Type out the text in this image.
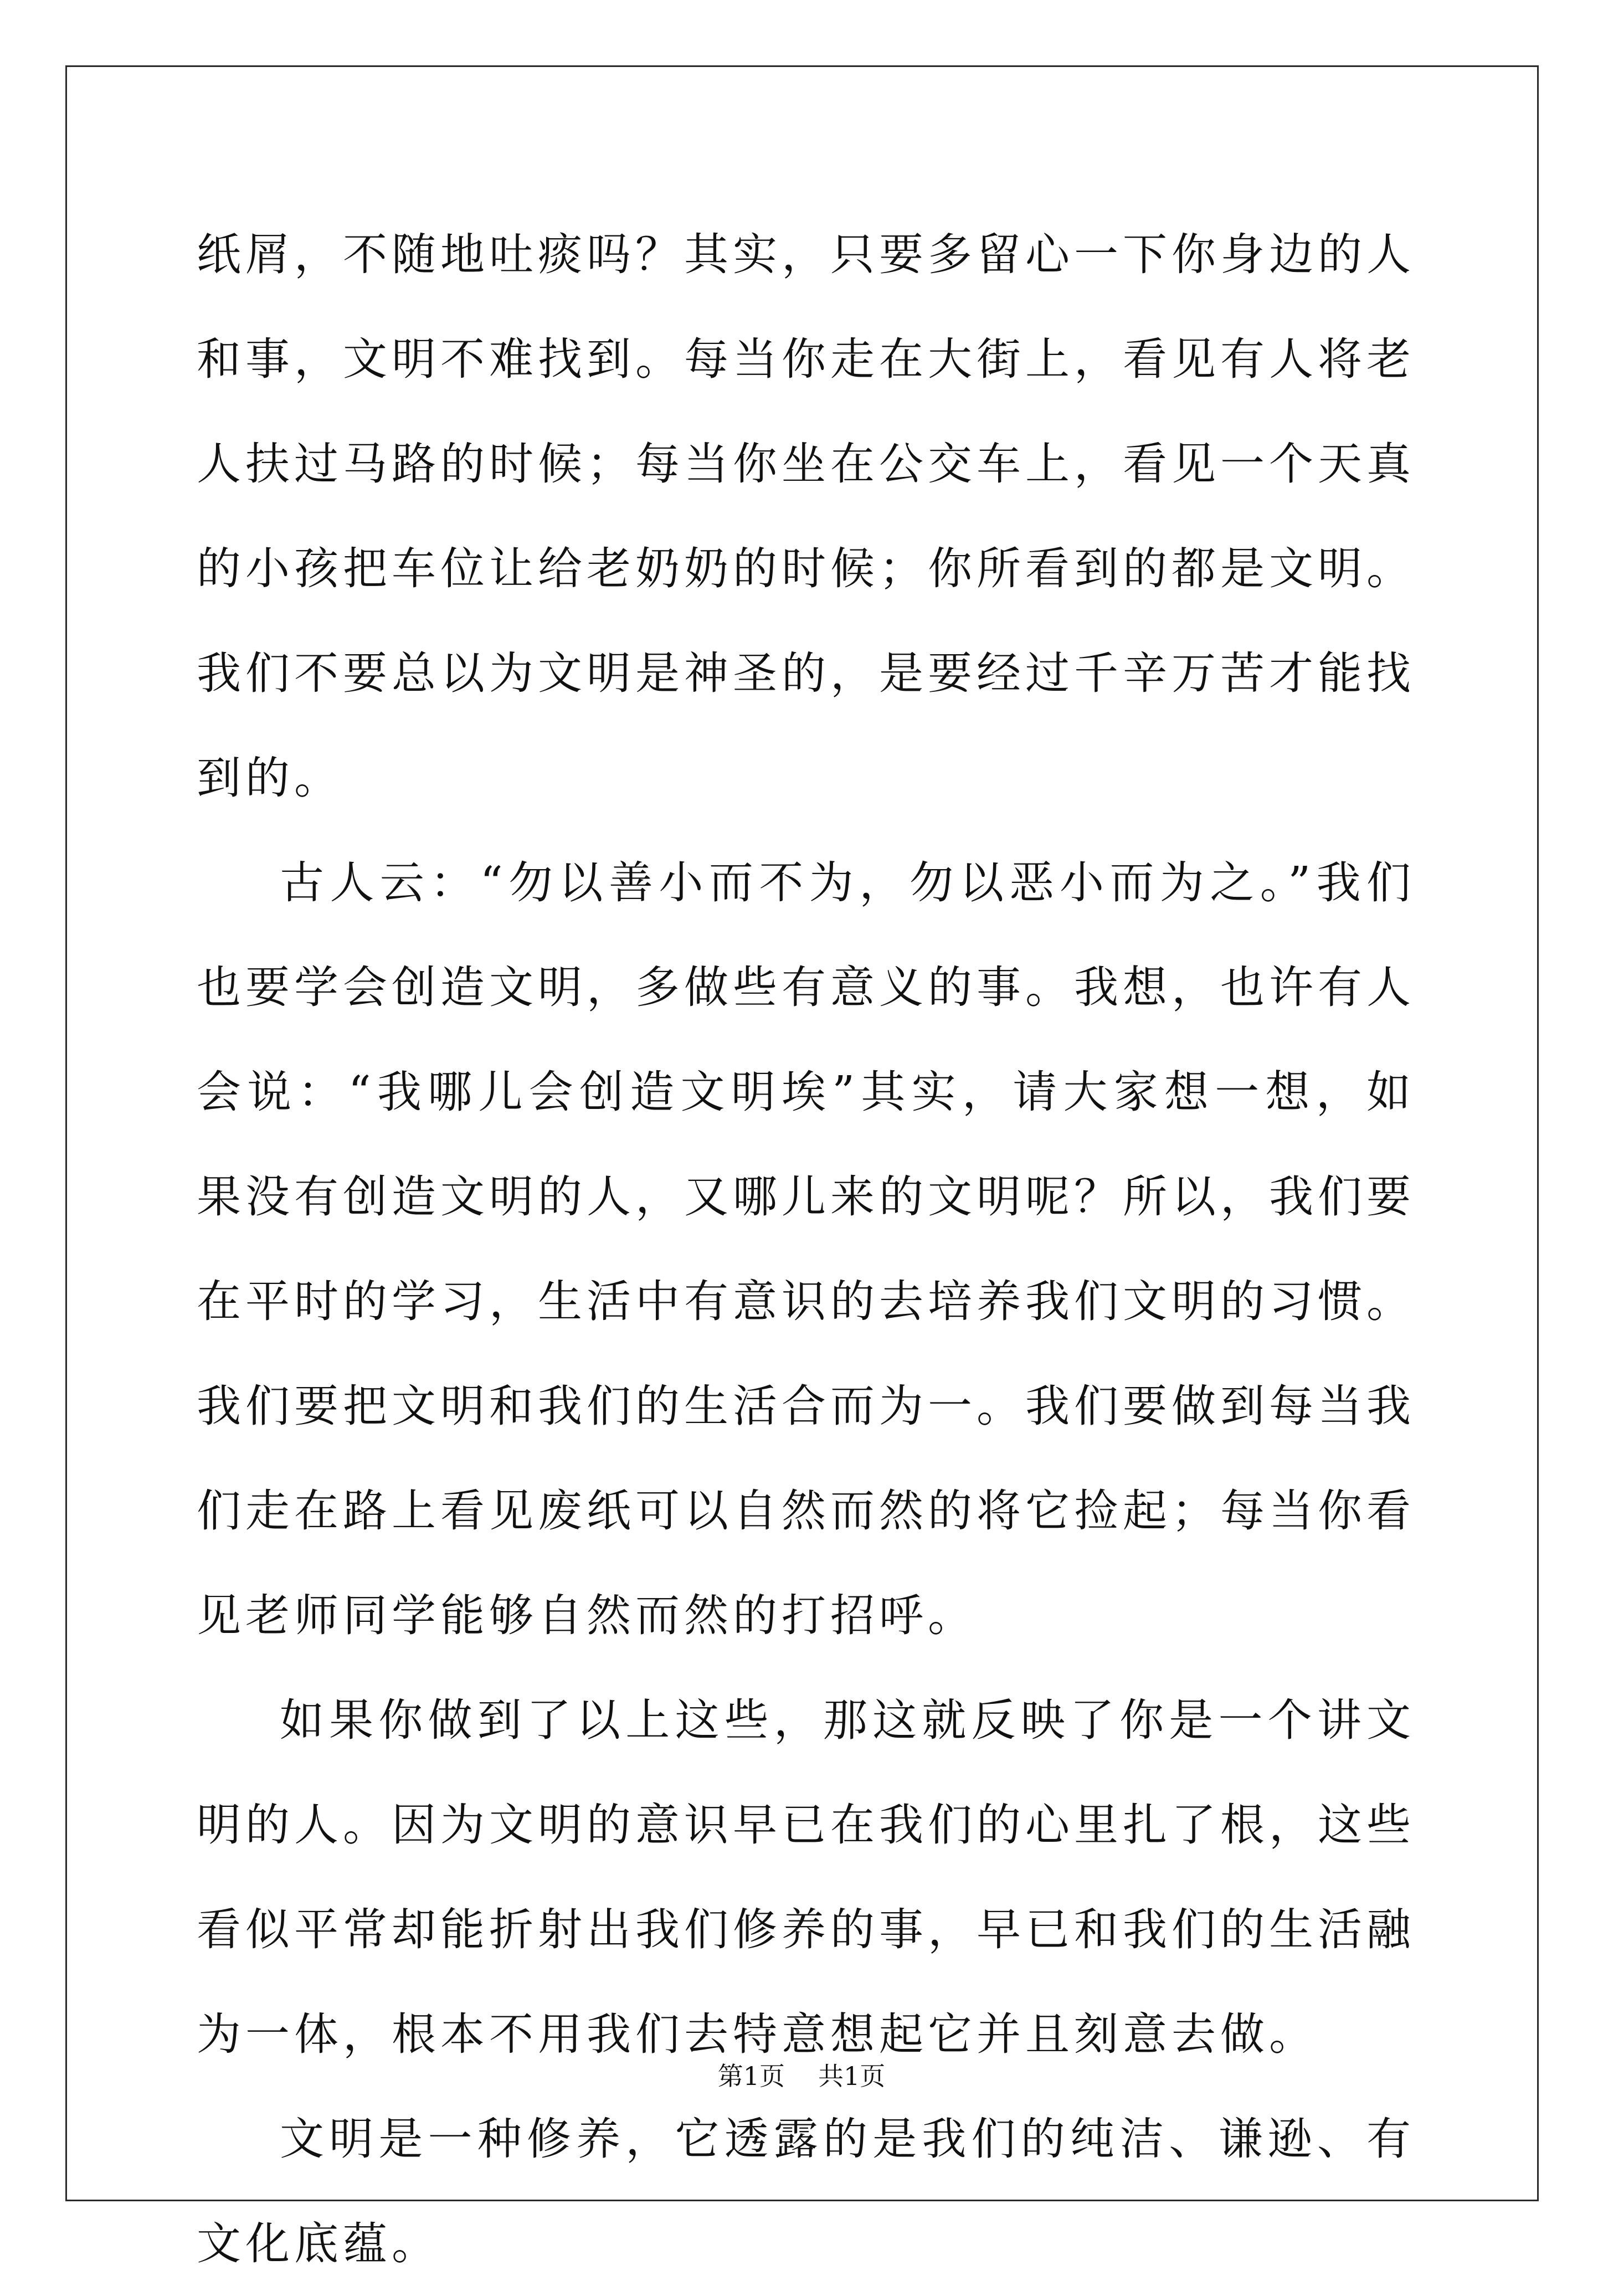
纸屑，不随地吐痰吗？其实，只要多留心一下你身边的人和事，文明不难找到。每当你走在大街上，看见有人将老人扶过马路的时候；每当你坐在公交车上，看见一个天真的小孩把车位让给老奶奶的时候；你所看到的都是文明。我们不要总以为文明是神圣的，是要经过千辛万苦才能找到的。

古人云：“勿以善小而不为，勿以恶小而为之。”我们也要学会创造文明，多做些有意义的事。我想，也许有人会说：“我哪儿会创造文明埃”其实，请大家想一想，如果没有创造文明的人，又哪儿来的文明呢？所以，我们要在平时的学习，生活中有意识的去培养我们文明的习惯。我们要把文明和我们的生活合而为一。我们要做到每当我们走在路上看见废纸可以自然而然的将它捡起；每当你看见老师同学能够自然而然的打招呼。

如果你做到了以上这些，那这就反映了你是一个讲文明的人。因为文明的意识早已在我们的心里扎了根，这些看似平常却能折射出我们修养的事，早已和我们的生活融为一体，根本不用我们去特意想起它并且刻意去做。

文明是一种修养，它透露的是我们的纯洁、谦逊、有文化底蕴。

第1页 共1页
